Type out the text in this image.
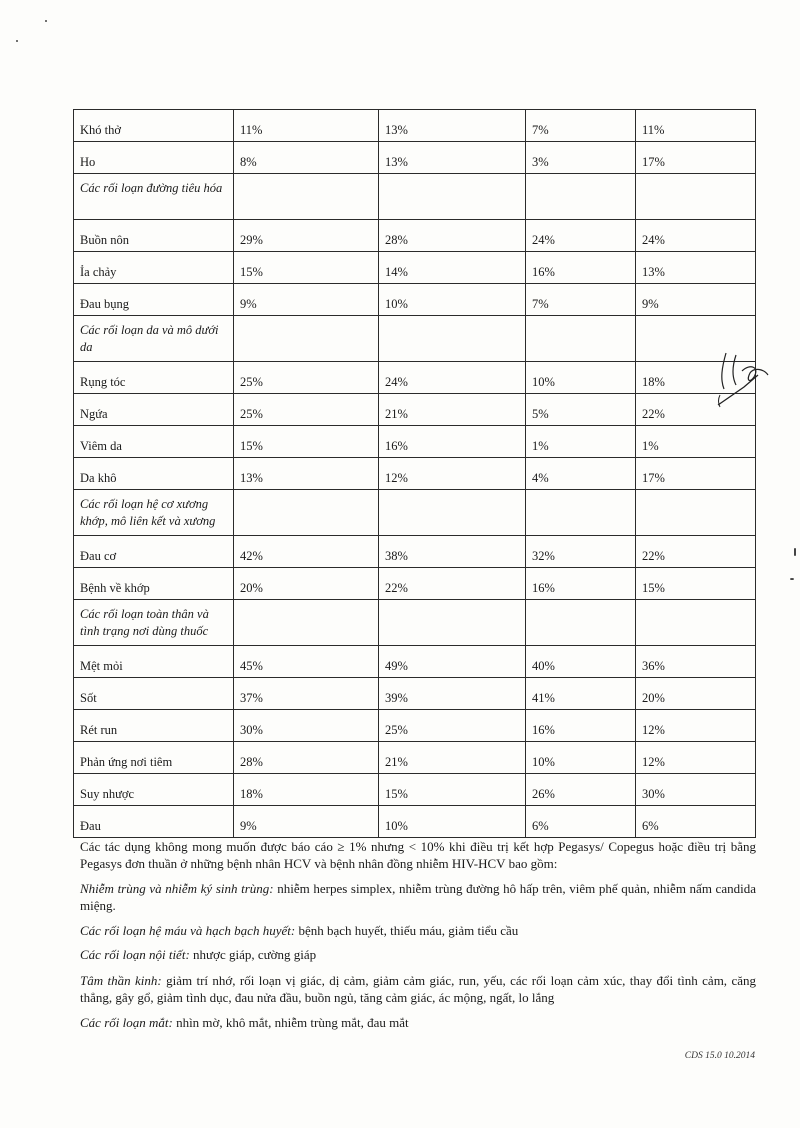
Khó thở	11%	13%	7%	11%
Ho	8%	13%	3%	17%
Các rối loạn đường tiêu hóa				
Buồn nôn	29%	28%	24%	24%
Ỉa chảy	15%	14%	16%	13%
Đau bụng	9%	10%	7%	9%
Các rối loạn da và mô dưới da				
Rụng tóc	25%	24%	10%	18%
Ngứa	25%	21%	5%	22%
Viêm da	15%	16%	1%	1%
Da khô	13%	12%	4%	17%
Các rối loạn hệ cơ xương khớp, mô liên kết và xương				
Đau cơ	42%	38%	32%	22%
Bệnh về khớp	20%	22%	16%	15%
Các rối loạn toàn thân và tình trạng nơi dùng thuốc				
Mệt mỏi	45%	49%	40%	36%
Sốt	37%	39%	41%	20%
Rét run	30%	25%	16%	12%
Phản ứng nơi tiêm	28%	21%	10%	12%
Suy nhược	18%	15%	26%	30%
Đau	9%	10%	6%	6%
Các tác dụng không mong muốn được báo cáo ≥ 1% nhưng < 10% khi điều trị kết hợp Pegasys/ Copegus hoặc điều trị bằng Pegasys đơn thuần ở những bệnh nhân HCV và bệnh nhân đồng nhiễm HIV-HCV bao gồm:
Nhiễm trùng và nhiễm ký sinh trùng: nhiễm herpes simplex, nhiễm trùng đường hô hấp trên, viêm phế quản, nhiễm nấm candida miệng.
Các rối loạn hệ máu và hạch bạch huyết: bệnh bạch huyết, thiếu máu, giảm tiểu cầu
Các rối loạn nội tiết: nhược giáp, cường giáp
Tâm thần kinh: giảm trí nhớ, rối loạn vị giác, dị cảm, giảm cảm giác, run, yếu, các rối loạn cảm xúc, thay đổi tình cảm, căng thẳng, gây gổ, giảm tình dục, đau nửa đầu, buồn ngủ, tăng cảm giác, ác mộng, ngất, lo lắng
Các rối loạn mắt: nhìn mờ, khô mắt, nhiễm trùng mắt, đau mắt
CDS 15.0 10.2014
